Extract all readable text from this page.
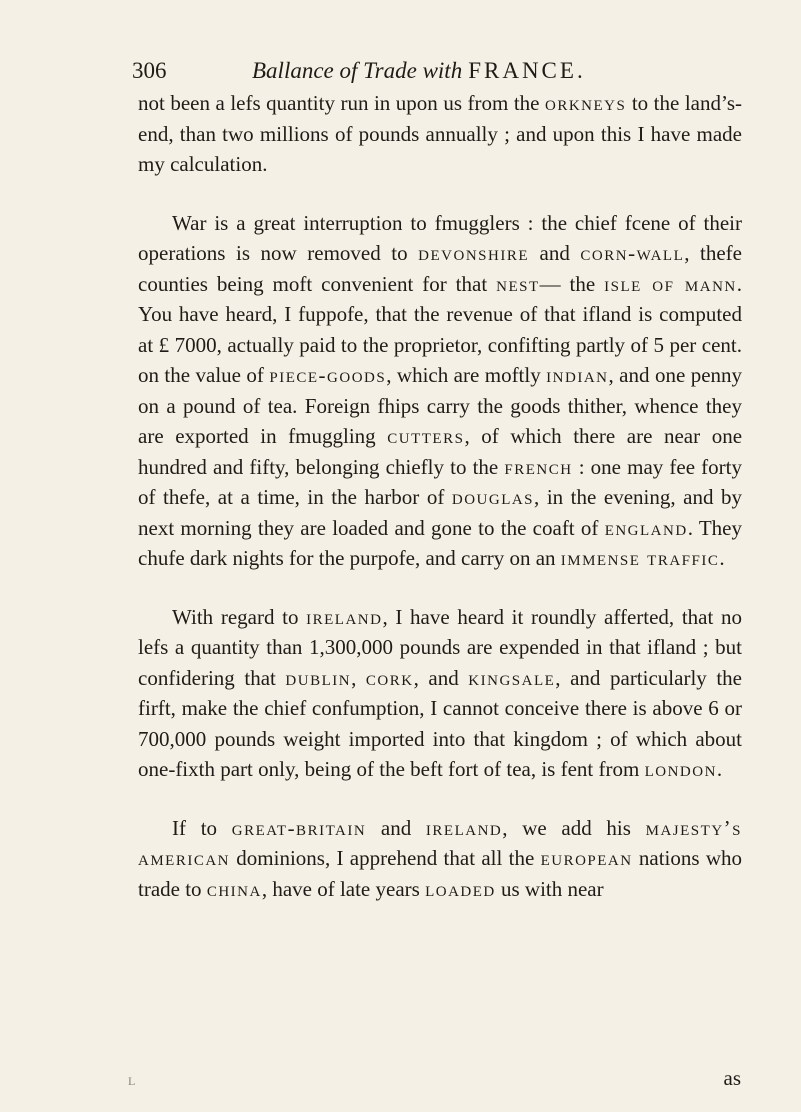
306	Ballance of Trade with FRANCE.

not been a lefs quantity run in upon us from the orkneys to the land’s-end, than two millions of pounds annually ; and upon this I have made my calculation.

War is a great interruption to fmugglers : the chief fcene of their operations is now removed to devonshire and corn-wall, thefe counties being moft convenient for that nest— the isle of mann. You have heard, I fuppofe, that the revenue of that ifland is computed at £ 7000, actually paid to the proprietor, confifting partly of 5 per cent. on the value of piece-goods, which are moftly indian, and one penny on a pound of tea. Foreign fhips carry the goods thither, whence they are exported in fmuggling cutters, of which there are near one hundred and fifty, belonging chiefly to the french : one may fee forty of thefe, at a time, in the harbor of douglas, in the evening, and by next morning they are loaded and gone to the coaft of england. They chufe dark nights for the purpofe, and carry on an immense traffic.

With regard to ireland, I have heard it roundly afferted, that no lefs a quantity than 1,300,000 pounds are expended in that ifland ; but confidering that dublin, cork, and kingsale, and particularly the firft, make the chief confumption, I cannot conceive there is above 6 or 700,000 pounds weight imported into that kingdom ; of which about one-fixth part only, being of the beft fort of tea, is fent from london.

If to great-britain and ireland, we add his majesty’s american dominions, I apprehend that all the european nations who trade to china, have of late years loaded us with near

as
L
